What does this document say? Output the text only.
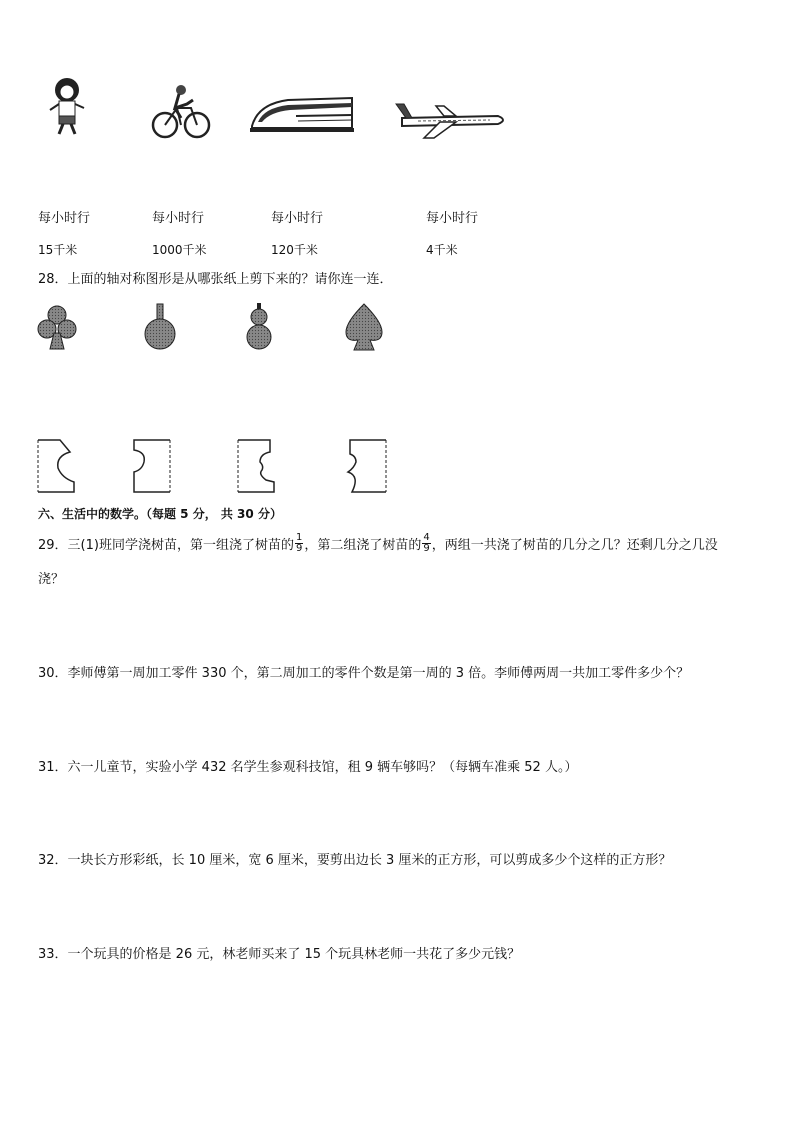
每小时行	每小时行	每小时行	每小时行
15千米	1000千米	120千米	4千米
28．上面的轴对称图形是从哪张纸上剪下来的？请你连一连．
六、生活中的数学。（每题 5 分， 共 30 分）
29．三(1)班同学浇树苗，第一组浇了树苗的 $\frac{1}{9}$ ，第二组浇了树苗的 $\frac{4}{9}$ ，两组一共浇了树苗的几分之几？还剩几分之几没
浇？
30．李师傅第一周加工零件 330 个，第二周加工的零件个数是第一周的 3 倍。李师傅两周一共加工零件多少个？
31．六一儿童节，实验小学 432 名学生参观科技馆，租 9 辆车够吗？（每辆车准乘 52 人。）
32．一块长方形彩纸，长 10 厘米，宽 6 厘米，要剪出边长 3 厘米的正方形，可以剪成多少个这样的正方形？
33．一个玩具的价格是 26 元，林老师买来了 15 个玩具林老师一共花了多少元钱？
